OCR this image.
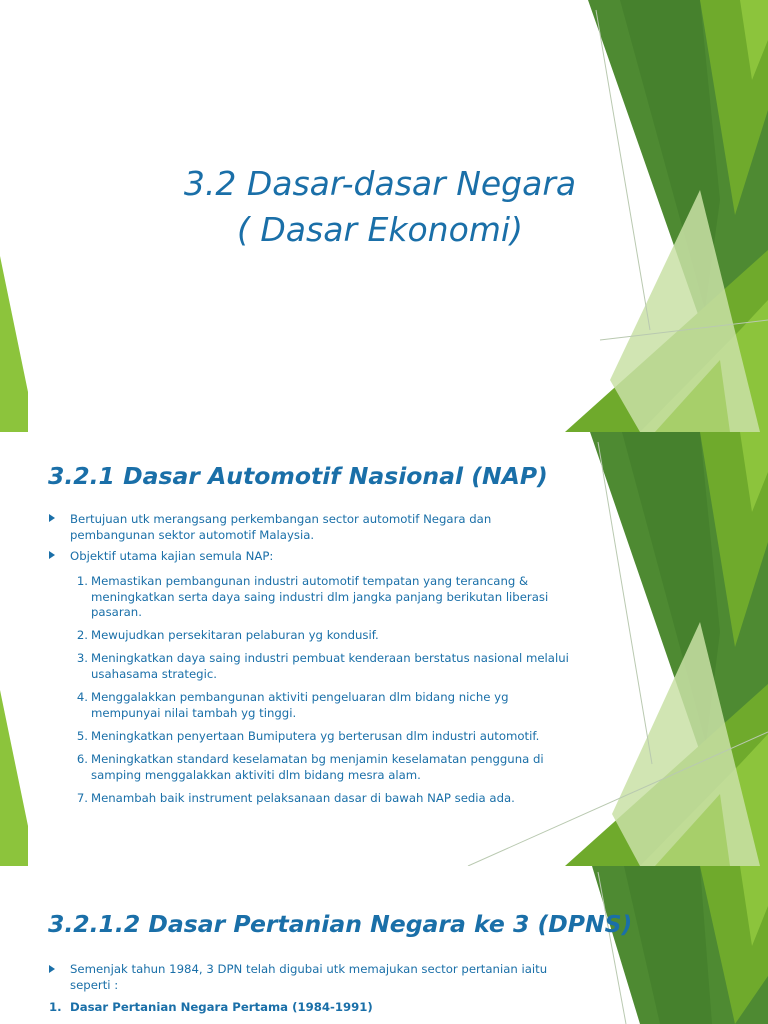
3.2 Dasar-dasar Negara
( Dasar Ekonomi)
3.2.1 Dasar Automotif Nasional (NAP)
Bertujuan utk merangsang perkembangan sector automotif Negara dan pembangunan sektor automotif Malaysia.
Objektif utama kajian semula NAP:
1. Memastikan pembangunan industri automotif tempatan yang terancang & meningkatkan serta daya saing industri dlm jangka panjang berikutan liberasi pasaran.
2. Mewujudkan persekitaran pelaburan yg kondusif.
3. Meningkatkan daya saing industri pembuat kenderaan berstatus nasional melalui usahasama strategic.
4. Menggalakkan pembangunan aktiviti pengeluaran dlm bidang niche yg mempunyai nilai tambah yg tinggi.
5. Meningkatkan penyertaan Bumiputera yg berterusan dlm industri automotif.
6. Meningkatkan standard keselamatan bg menjamin keselamatan pengguna di samping menggalakkan aktiviti dlm bidang mesra alam.
7. Menambah baik instrument pelaksanaan dasar di bawah NAP sedia ada.
3.2.1.2 Dasar Pertanian Negara ke 3 (DPNS)
Semenjak tahun 1984, 3 DPN telah digubai utk memajukan sector pertanian iaitu seperti :
1. Dasar Pertanian Negara Pertama (1984-1991)
